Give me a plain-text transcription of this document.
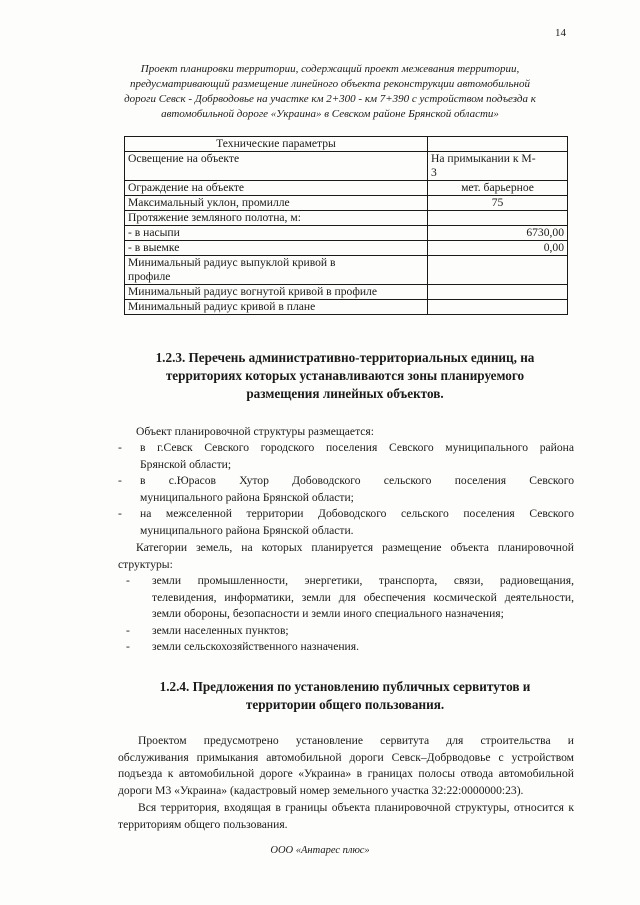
14
Проект планировки территории, содержащий проект межевания территории,
предусматривающий размещение линейного объекта реконструкции автомобильной
дороги Севск - Добрводовье на участке км 2+300 - км 7+390 с устройством подъезда к
автомобильной дороге «Украина» в Севском районе Брянской области»
Технические параметры	
Освещение на объекте	На примыкании к М-
3

Ограждение на объекте	мет. барьерное
Максимальный уклон, промилле	75
Протяжение земляного полотна, м:	
- в насыпи	6730,00
- в выемке	0,00

Минимальный радиус выпуклой кривой в
профиле	

Минимальный радиус вогнутой кривой в профиле	
Минимальный радиус кривой в плане	
1.2.3. Перечень административно-территориальных единиц, на
территориях которых устанавливаются зоны планируемого
размещения линейных объектов.
Объект планировочной структуры размещается:
- в г.Севск Севского городского поселения Севского муниципального района
Брянской области;
- в с.Юрасов Хутор Добоводского сельского поселения Севского
муниципального района Брянской области;
- на межселенной территории Добоводского сельского поселения Севского
муниципального района Брянской области.
Категории земель, на которых планируется размещение объекта планировочной
структуры:
- земли промышленности, энергетики, транспорта, связи, радиовещания,
телевидения, информатики, земли для обеспечения космической деятельности,
земли обороны, безопасности и земли иного специального назначения;
- земли населенных пунктов;
- земли сельскохозяйственного назначения.
1.2.4. Предложения по установлению публичных сервитутов и
территории общего пользования.
Проектом предусмотрено установление сервитута для строительства и
обслуживания примыкания автомобильной дороги Севск–Добрводовье с устройством
подъезда к автомобильной дороге «Украина» в границах полосы отвода автомобильной
дороги М3 «Украина» (кадастровый номер земельного участка 32:22:0000000:23).
Вся территория, входящая в границы объекта планировочной структуры, относится к
территориям общего пользования.
ООО «Антарес плюс»
